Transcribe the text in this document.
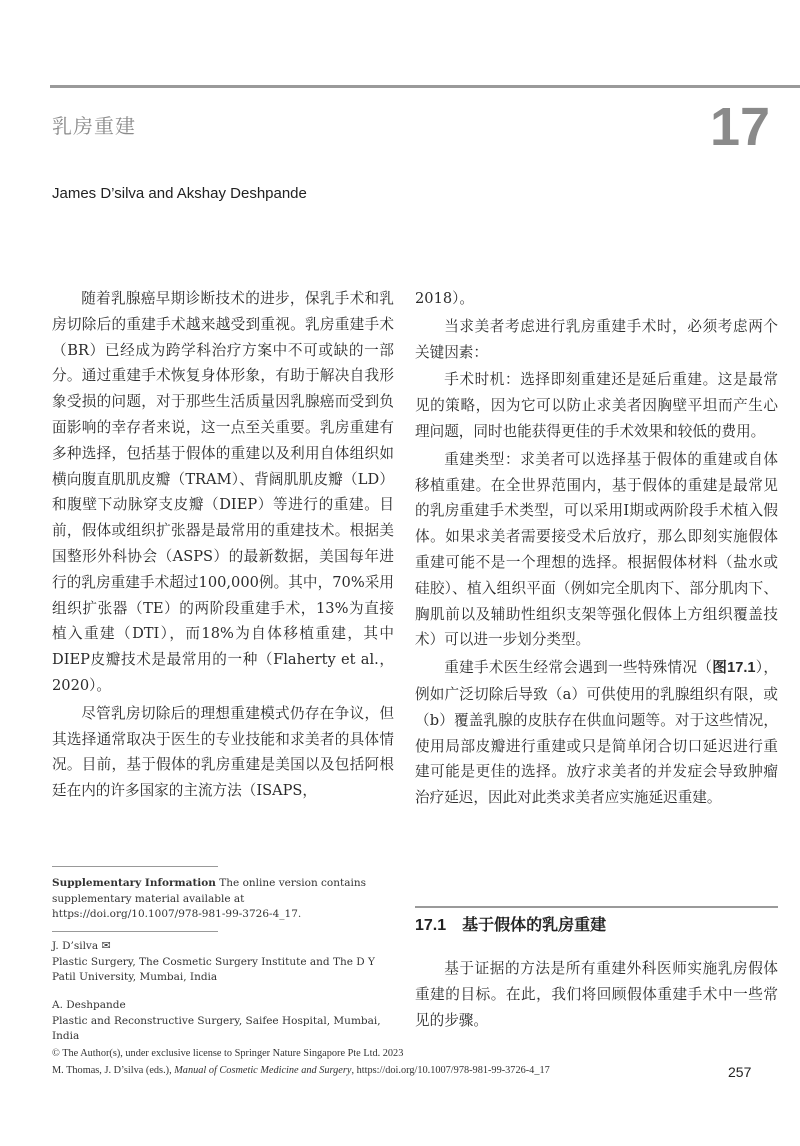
乳房重建	17
James D’silva and Akshay Deshpande

随着乳腺癌早期诊断技术的进步，保乳手术和乳房切除后的重建手术越来越受到重视。乳房重建手术（BR）已经成为跨学科治疗方案中不可或缺的一部分。通过重建手术恢复身体形象，有助于解决自我形象受损的问题，对于那些生活质量因乳腺癌而受到负面影响的幸存者来说，这一点至关重要。乳房重建有多种选择，包括基于假体的重建以及利用自体组织如横向腹直肌肌皮瓣（TRAM）、背阔肌肌皮瓣（LD）和腹壁下动脉穿支皮瓣（DIEP）等进行的重建。目前，假体或组织扩张器是最常用的重建技术。根据美国整形外科协会（ASPS）的最新数据，美国每年进行的乳房重建手术超过100,000例。其中，70%采用组织扩张器（TE）的两阶段重建手术，13%为直接植入重建（DTI），而18%为自体移植重建，其中DIEP皮瓣技术是最常用的一种（Flaherty et al.，2020）。

尽管乳房切除后的理想重建模式仍存在争议，但其选择通常取决于医生的专业技能和求美者的具体情况。目前，基于假体的乳房重建是美国以及包括阿根廷在内的许多国家的主流方法（ISAPS，

2018）。

当求美者考虑进行乳房重建手术时，必须考虑两个关键因素：

手术时机：选择即刻重建还是延后重建。这是最常见的策略，因为它可以防止求美者因胸壁平坦而产生心理问题，同时也能获得更佳的手术效果和较低的费用。

重建类型：求美者可以选择基于假体的重建或自体移植重建。在全世界范围内，基于假体的重建是最常见的乳房重建手术类型，可以采用Ⅰ期或两阶段手术植入假体。如果求美者需要接受术后放疗，那么即刻实施假体重建可能不是一个理想的选择。根据假体材料（盐水或硅胶）、植入组织平面（例如完全肌肉下、部分肌肉下、胸肌前以及辅助性组织支架等强化假体上方组织覆盖技术）可以进一步划分类型。

重建手术医生经常会遇到一些特殊情况（图17.1），例如广泛切除后导致（a）可供使用的乳腺组织有限，或（b）覆盖乳腺的皮肤存在供血问题等。对于这些情况，使用局部皮瓣进行重建或只是简单闭合切口延迟进行重建可能是更佳的选择。放疗求美者的并发症会导致肿瘤治疗延迟，因此对此类求美者应实施延迟重建。

17.1 基于假体的乳房重建

基于证据的方法是所有重建外科医师实施乳房假体重建的目标。在此，我们将回顾假体重建手术中一些常见的步骤。

Supplementary Information The online version contains supplementary material available at https://doi.org/10.1007/978-981-99-3726-4_17.
J. D’silva ✉
Plastic Surgery, The Cosmetic Surgery Institute and The D Y Patil University, Mumbai, India
A. Deshpande
Plastic and Reconstructive Surgery, Saifee Hospital, Mumbai, India
© The Author(s), under exclusive license to Springer Nature Singapore Pte Ltd. 2023
M. Thomas, J. D’silva (eds.), Manual of Cosmetic Medicine and Surgery, https://doi.org/10.1007/978-981-99-3726-4_17	257
